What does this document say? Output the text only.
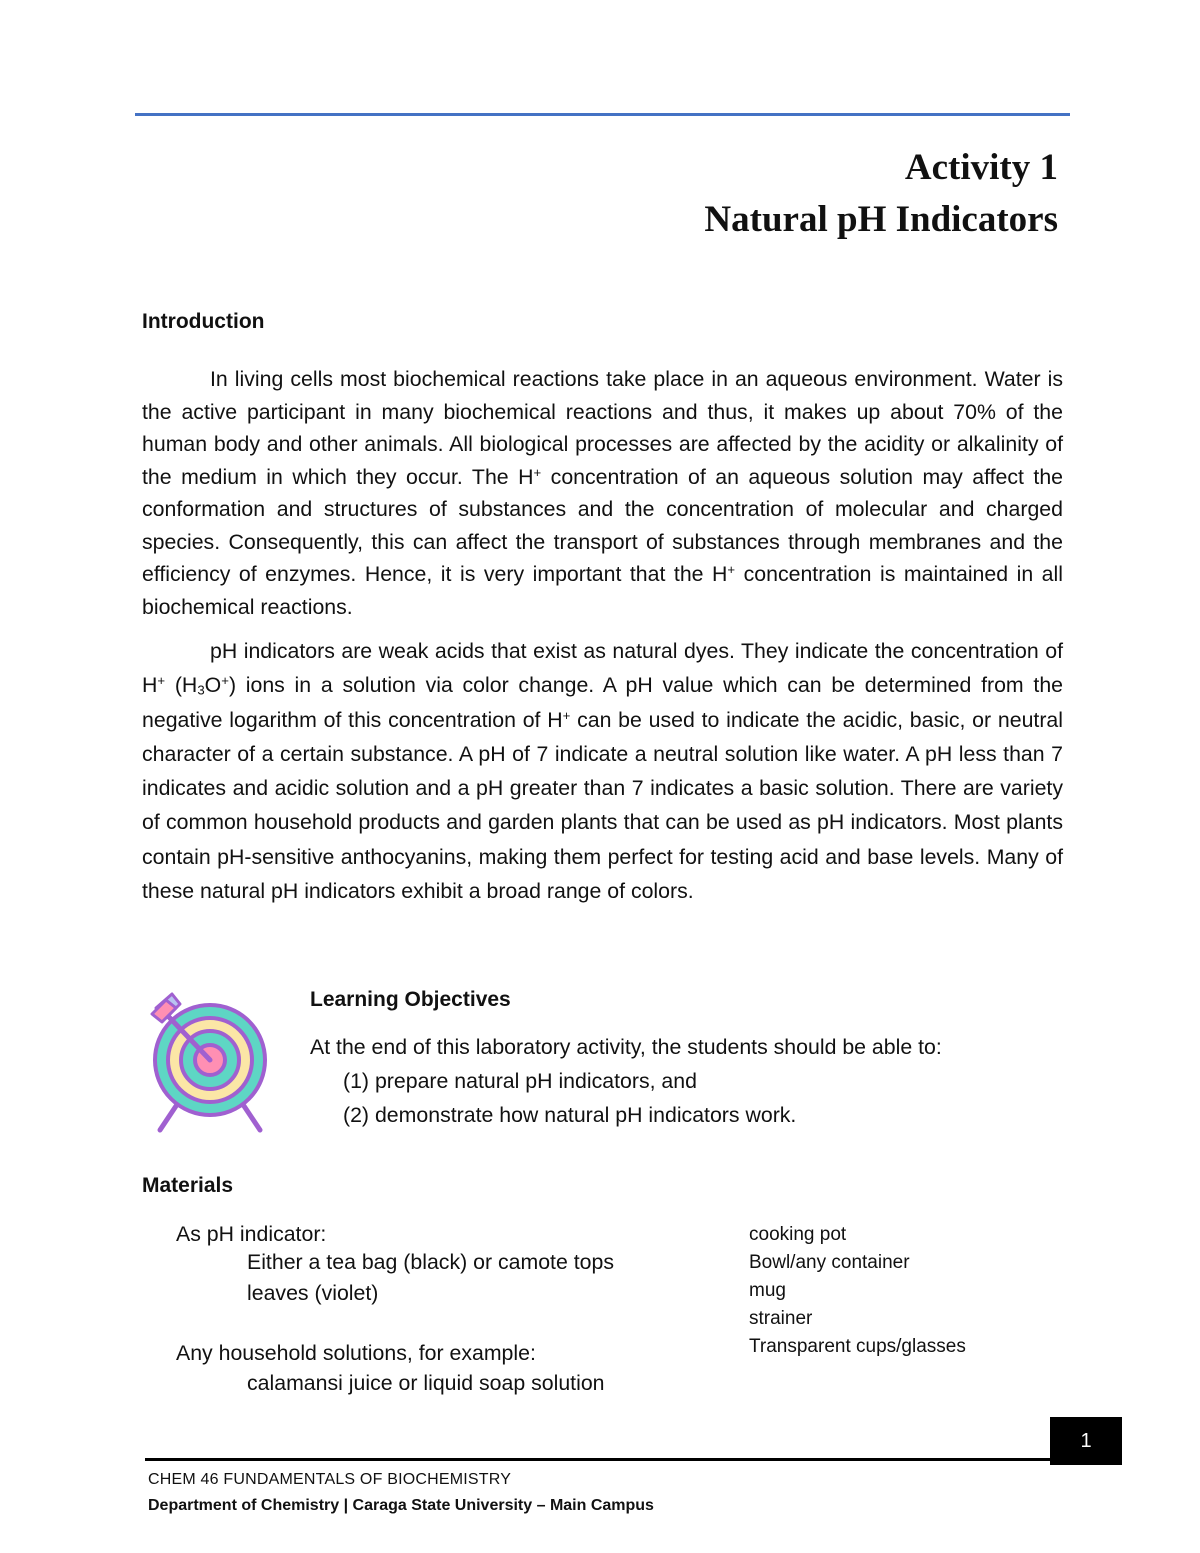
Activity 1
Natural pH Indicators
Introduction

In living cells most biochemical reactions take place in an aqueous environment. Water is the active participant in many biochemical reactions and thus, it makes up about 70% of the human body and other animals. All biological processes are affected by the acidity or alkalinity of the medium in which they occur. The H+ concentration of an aqueous solution may affect the conformation and structures of substances and the concentration of molecular and charged species. Consequently, this can affect the transport of substances through membranes and the efficiency of enzymes. Hence, it is very important that the H+ concentration is maintained in all biochemical reactions.

pH indicators are weak acids that exist as natural dyes. They indicate the concentration of H+ $(H_3O^+)$ ions in a solution via color change. A pH value which can be determined from the negative logarithm of this concentration of H+ can be used to indicate the acidic, basic, or neutral character of a certain substance. A pH of 7 indicate a neutral solution like water. A pH less than 7 indicates and acidic solution and a pH greater than 7 indicates a basic solution. There are variety of common household products and garden plants that can be used as pH indicators. Most plants contain pH-sensitive anthocyanins, making them perfect for testing acid and base levels. Many of these natural pH indicators exhibit a broad range of colors.

Learning Objectives
At the end of this laboratory activity, the students should be able to:
(1) prepare natural pH indicators, and
(2) demonstrate how natural pH indicators work.
Materials
As pH indicator:
Either a tea bag (black) or camote tops
leaves (violet)
Any household solutions, for example:
calamansi juice or liquid soap solution
cooking pot
Bowl/any container
mug
strainer
Transparent cups/glasses
1
CHEM 46 FUNDAMENTALS OF BIOCHEMISTRY
Department of Chemistry | Caraga State University – Main Campus
